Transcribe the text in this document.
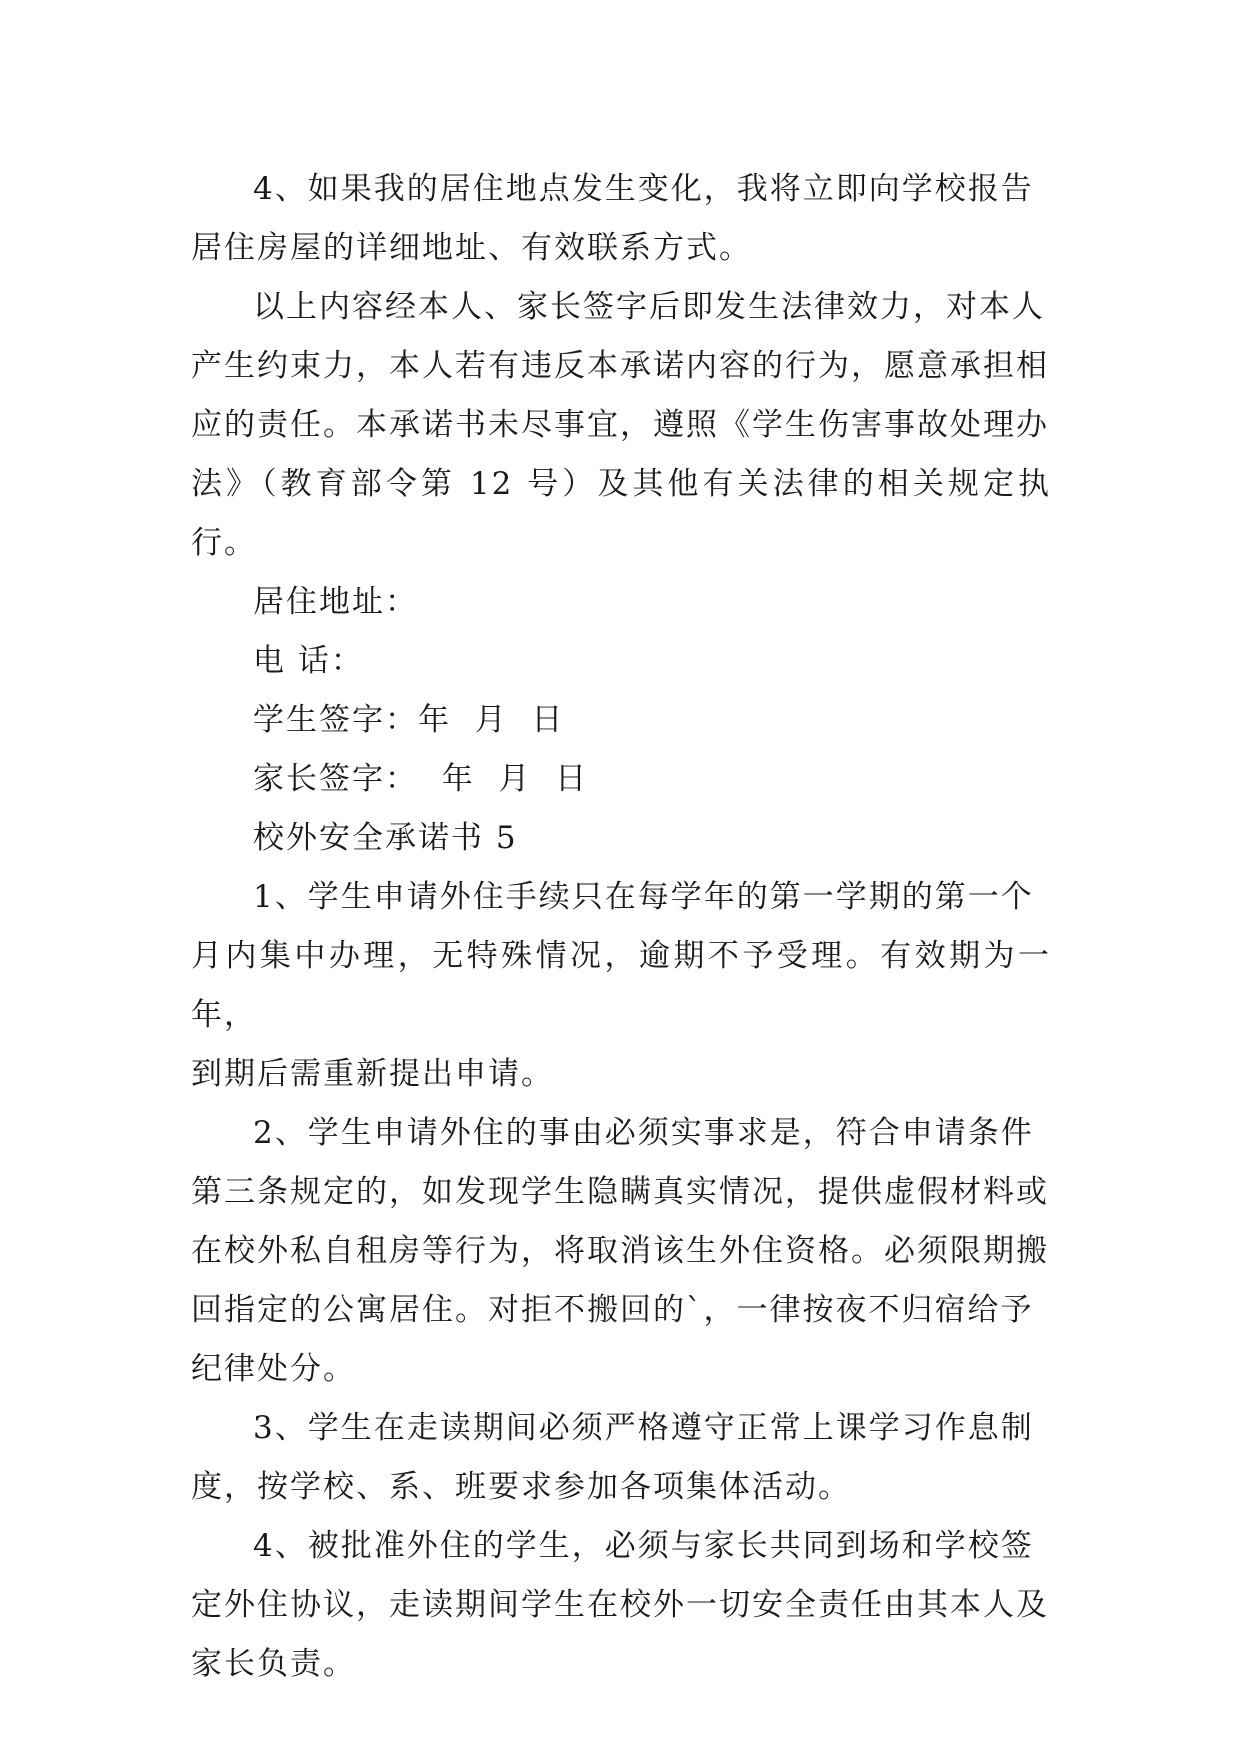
4、如果我的居住地点发生变化，我将立即向学校报告
居住房屋的详细地址、有效联系方式。

以上内容经本人、家长签字后即发生法律效力，对本人
产生约束力，本人若有违反本承诺内容的行为，愿意承担相
应的责任。本承诺书未尽事宜，遵照《学生伤害事故处理办
法》（教育部令第 12 号）及其他有关法律的相关规定执行。

居住地址：

电 话：

学生签字：年  月  日

家长签字：  年  月  日

校外安全承诺书 5

1、学生申请外住手续只在每学年的第一学期的第一个
月内集中办理，无特殊情况，逾期不予受理。有效期为一年，
到期后需重新提出申请。

2、学生申请外住的事由必须实事求是，符合申请条件
第三条规定的，如发现学生隐瞒真实情况，提供虚假材料或
在校外私自租房等行为，将取消该生外住资格。必须限期搬
回指定的公寓居住。对拒不搬回的`，一律按夜不归宿给予
纪律处分。

3、学生在走读期间必须严格遵守正常上课学习作息制
度，按学校、系、班要求参加各项集体活动。

4、被批准外住的学生，必须与家长共同到场和学校签
定外住协议，走读期间学生在校外一切安全责任由其本人及
家长负责。
